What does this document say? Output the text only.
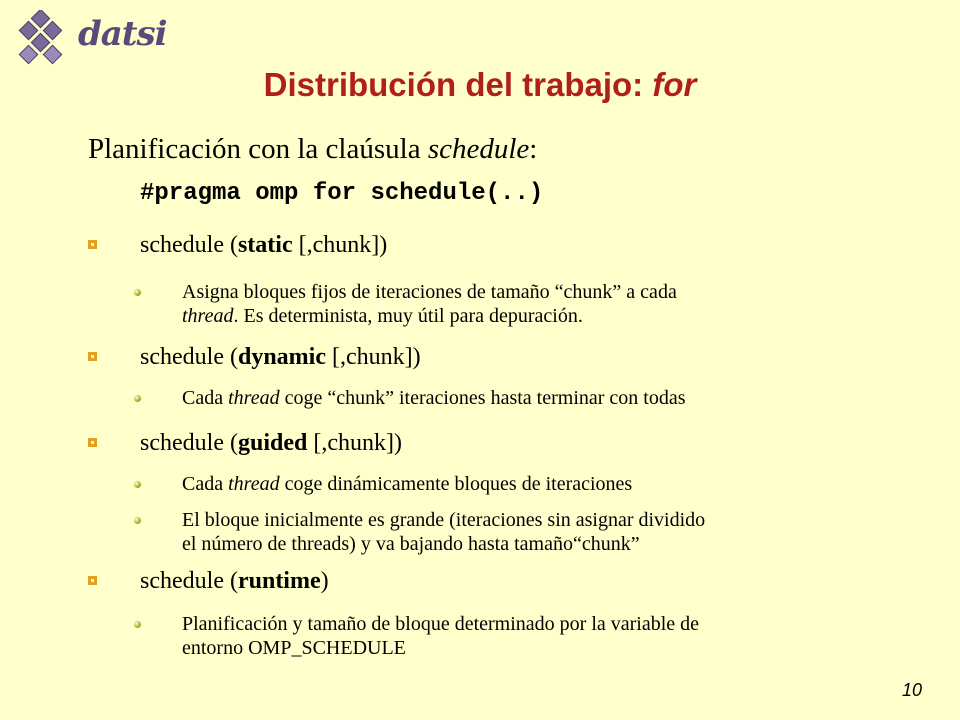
datsi
Distribución del trabajo: for
Planificación con la claúsula schedule:
#pragma omp for schedule(..)
schedule (static [,chunk])
Asigna bloques fijos de iteraciones de tamaño “chunk” a cada
thread. Es determinista, muy útil para depuración.
schedule (dynamic [,chunk])
Cada thread coge “chunk” iteraciones hasta terminar con todas
schedule (guided [,chunk])
Cada thread coge dinámicamente bloques de iteraciones
El bloque inicialmente es grande (iteraciones sin asignar dividido
el número de threads) y va bajando hasta tamaño“chunk”
schedule (runtime)
Planificación y tamaño de bloque determinado por la variable de
entorno OMP_SCHEDULE
10
